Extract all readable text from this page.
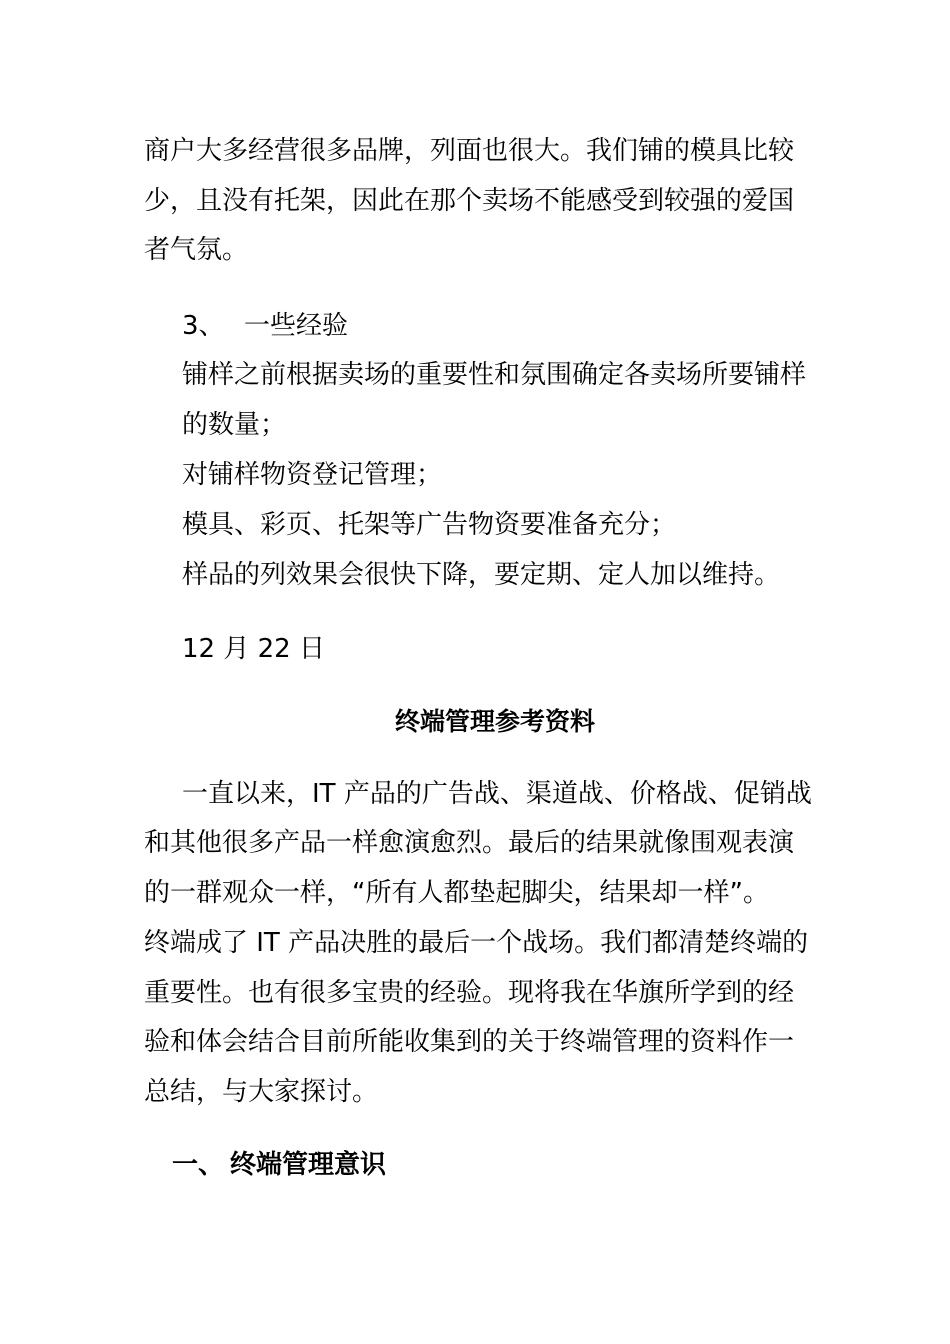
商户大多经营很多品牌，列面也很大。我们铺的模具比较
少，且没有托架，因此在那个卖场不能感受到较强的爱国
者气氛。
3、 一些经验
铺样之前根据卖场的重要性和氛围确定各卖场所要铺样
的数量；
对铺样物资登记管理；
模具、彩页、托架等广告物资要准备充分；
样品的列效果会很快下降，要定期、定人加以维持。
12 月 22 日
终端管理参考资料
一直以来，IT 产品的广告战、渠道战、价格战、促销战
和其他很多产品一样愈演愈烈。最后的结果就像围观表演
的一群观众一样，“所有人都垫起脚尖，结果却一样”。
终端成了 IT 产品决胜的最后一个战场。我们都清楚终端的
重要性。也有很多宝贵的经验。现将我在华旗所学到的经
验和体会结合目前所能收集到的关于终端管理的资料作一
总结，与大家探讨。
一、 终端管理意识
